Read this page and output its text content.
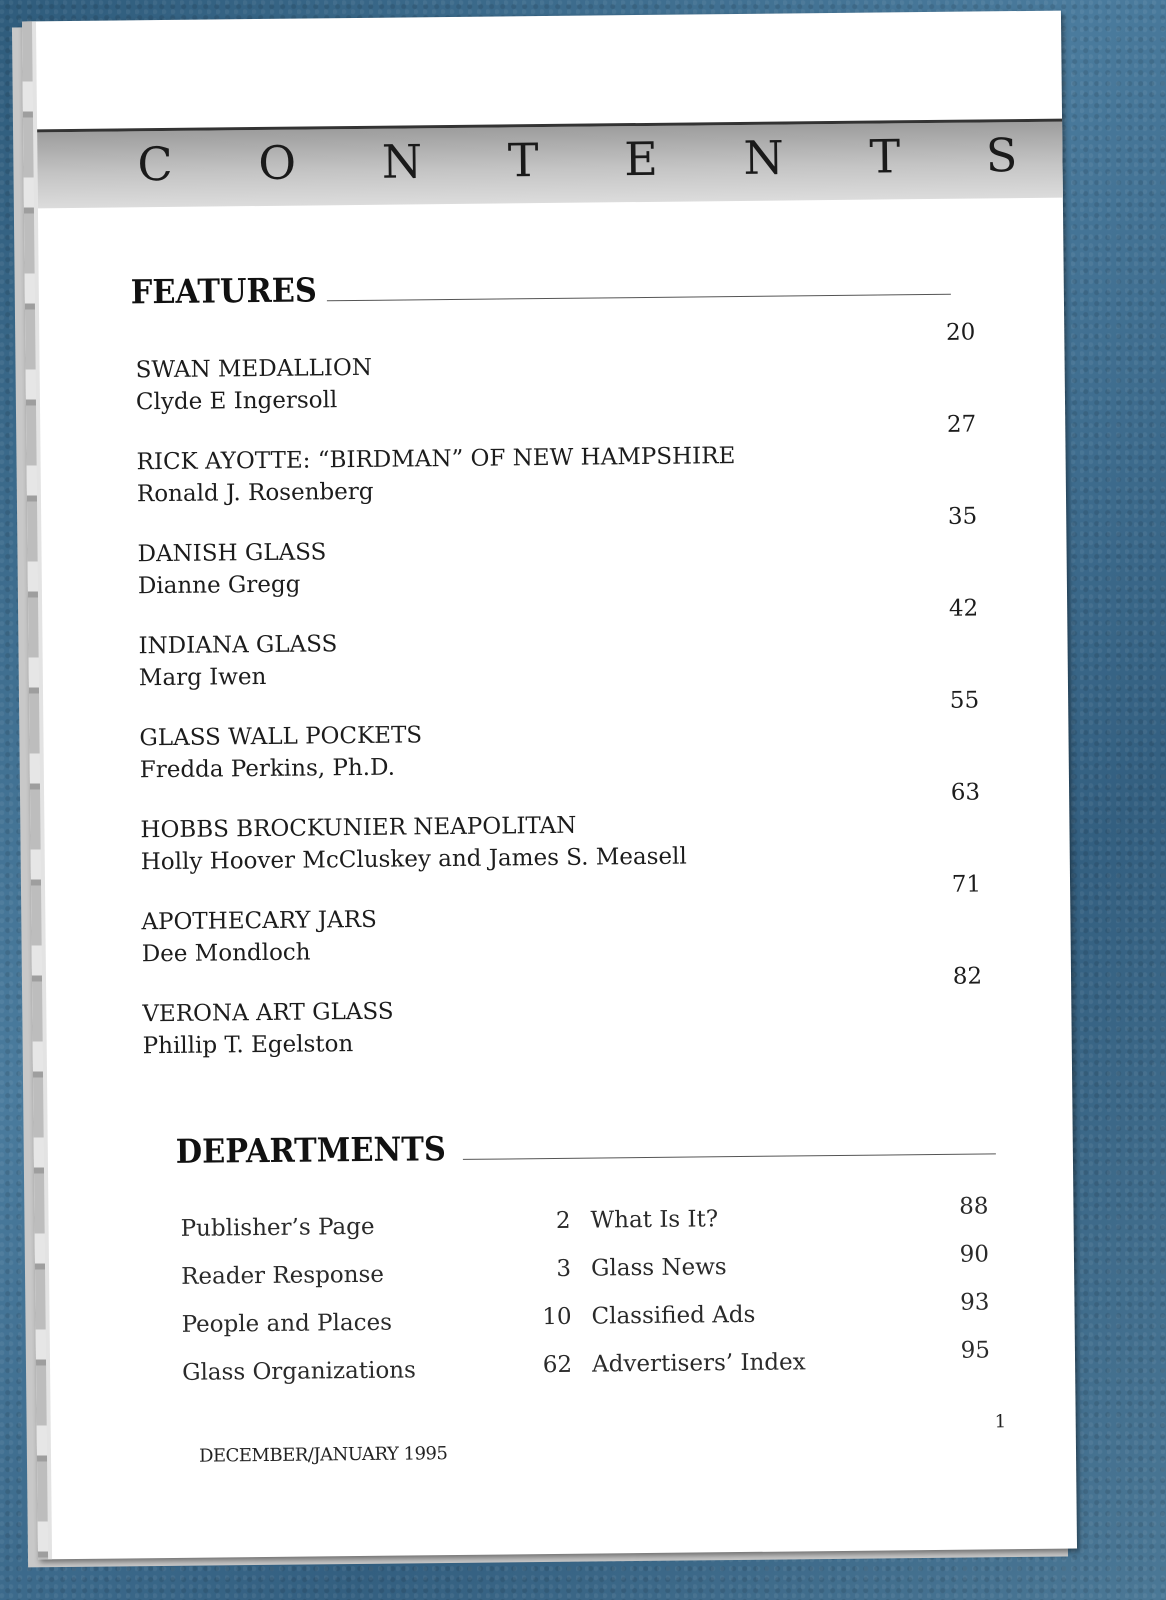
C O N T E N T S
FEATURES
SWAN MEDALLION
Clyde E Ingersoll
20
RICK AYOTTE: “BIRDMAN” OF NEW HAMPSHIRE
Ronald J. Rosenberg
27
DANISH GLASS
Dianne Gregg
35
INDIANA GLASS
Marg Iwen
42
GLASS WALL POCKETS
Fredda Perkins, Ph.D.
55
HOBBS BROCKUNIER NEAPOLITAN
Holly Hoover McCluskey and James S. Measell
63
APOTHECARY JARS
Dee Mondloch
71
VERONA ART GLASS
Phillip T. Egelston
82
DEPARTMENTS
Publisher’s Page	2 What Is It?	88
Reader Response	3 Glass News	90
People and Places	10 Classified Ads	93
Glass Organizations	62 Advertisers’ Index	95
DECEMBER/JANUARY 1995
1
